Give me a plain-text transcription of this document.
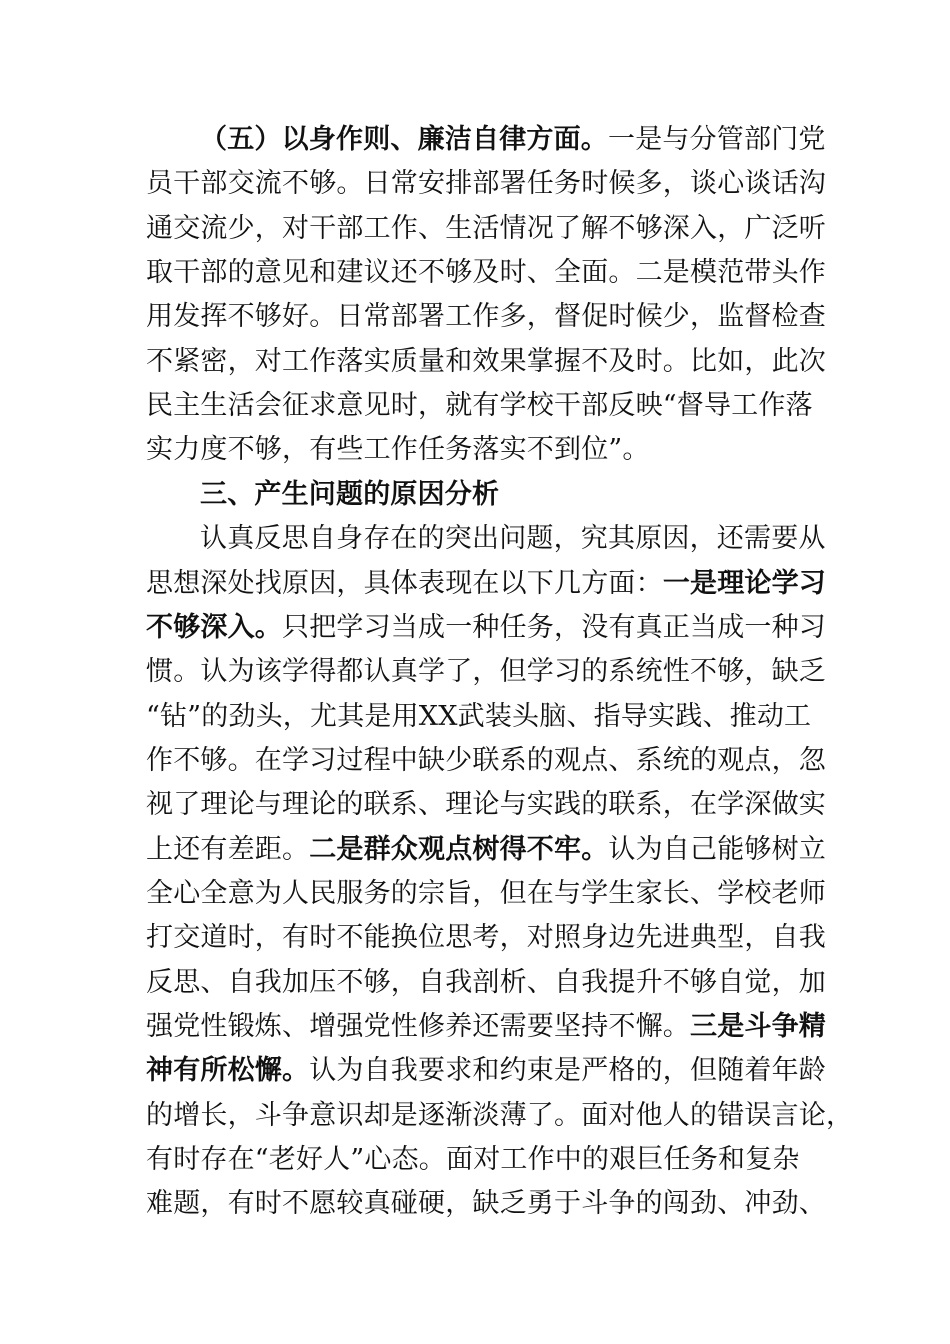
（五）以身作则、廉洁自律方面。一是与分管部门党
员干部交流不够。日常安排部署任务时候多，谈心谈话沟
通交流少，对干部工作、生活情况了解不够深入，广泛听
取干部的意见和建议还不够及时、全面。二是模范带头作
用发挥不够好。日常部署工作多，督促时候少，监督检查
不紧密，对工作落实质量和效果掌握不及时。比如，此次
民主生活会征求意见时，就有学校干部反映“督导工作落
实力度不够，有些工作任务落实不到位”。
三、产生问题的原因分析
认真反思自身存在的突出问题，究其原因，还需要从
思想深处找原因，具体表现在以下几方面：一是理论学习
不够深入。只把学习当成一种任务，没有真正当成一种习
惯。认为该学得都认真学了，但学习的系统性不够，缺乏
“钻”的劲头，尤其是用XX武装头脑、指导实践、推动工
作不够。在学习过程中缺少联系的观点、系统的观点，忽
视了理论与理论的联系、理论与实践的联系，在学深做实
上还有差距。二是群众观点树得不牢。认为自己能够树立
全心全意为人民服务的宗旨，但在与学生家长、学校老师
打交道时，有时不能换位思考，对照身边先进典型，自我
反思、自我加压不够，自我剖析、自我提升不够自觉，加
强党性锻炼、增强党性修养还需要坚持不懈。三是斗争精
神有所松懈。认为自我要求和约束是严格的，但随着年龄
的增长，斗争意识却是逐渐淡薄了。面对他人的错误言论，
有时存在“老好人”心态。面对工作中的艰巨任务和复杂
难题，有时不愿较真碰硬，缺乏勇于斗争的闯劲、冲劲、
